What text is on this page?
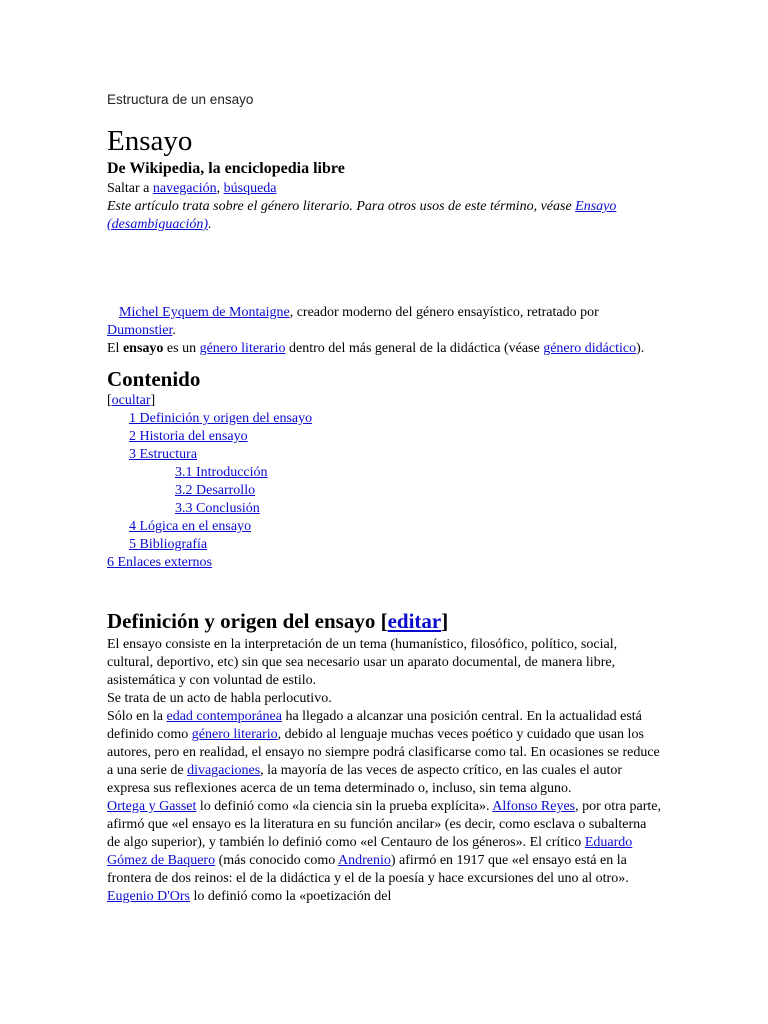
Estructura de un ensayo
Ensayo
De Wikipedia, la enciclopedia libre
Saltar a navegación, búsqueda
Este artículo trata sobre el género literario. Para otros usos de este término, véase Ensayo (desambiguación).
Michel Eyquem de Montaigne, creador moderno del género ensayístico, retratado por Dumonstier.
El ensayo es un género literario dentro del más general de la didáctica (véase género didáctico).
Contenido
[ocultar]
1 Definición y origen del ensayo
2 Historia del ensayo
3 Estructura
3.1 Introducción
3.2 Desarrollo
3.3 Conclusión
4 Lógica en el ensayo
5 Bibliografía
6 Enlaces externos
Definición y origen del ensayo [editar]

El ensayo consiste en la interpretación de un tema (humanístico, filosófico, político, social, cultural, deportivo, etc) sin que sea necesario usar un aparato documental, de manera libre, asistemática y con voluntad de estilo.

Se trata de un acto de habla perlocutivo.

Sólo en la edad contemporánea ha llegado a alcanzar una posición central. En la actualidad está definido como género literario, debido al lenguaje muchas veces poético y cuidado que usan los autores, pero en realidad, el ensayo no siempre podrá clasificarse como tal. En ocasiones se reduce a una serie de divagaciones, la mayoría de las veces de aspecto crítico, en las cuales el autor expresa sus reflexiones acerca de un tema determinado o, incluso, sin tema alguno.

Ortega y Gasset lo definió como «la ciencia sin la prueba explícita». Alfonso Reyes, por otra parte, afirmó que «el ensayo es la literatura en su función ancilar» (es decir, como esclava o subalterna de algo superior), y también lo definió como «el Centauro de los géneros». El crítico Eduardo Gómez de Baquero (más conocido como Andrenio) afirmó en 1917 que «el ensayo está en la frontera de dos reinos: el de la didáctica y el de la poesía y hace excursiones del uno al otro». Eugenio D'Ors lo definió como la «poetización del
